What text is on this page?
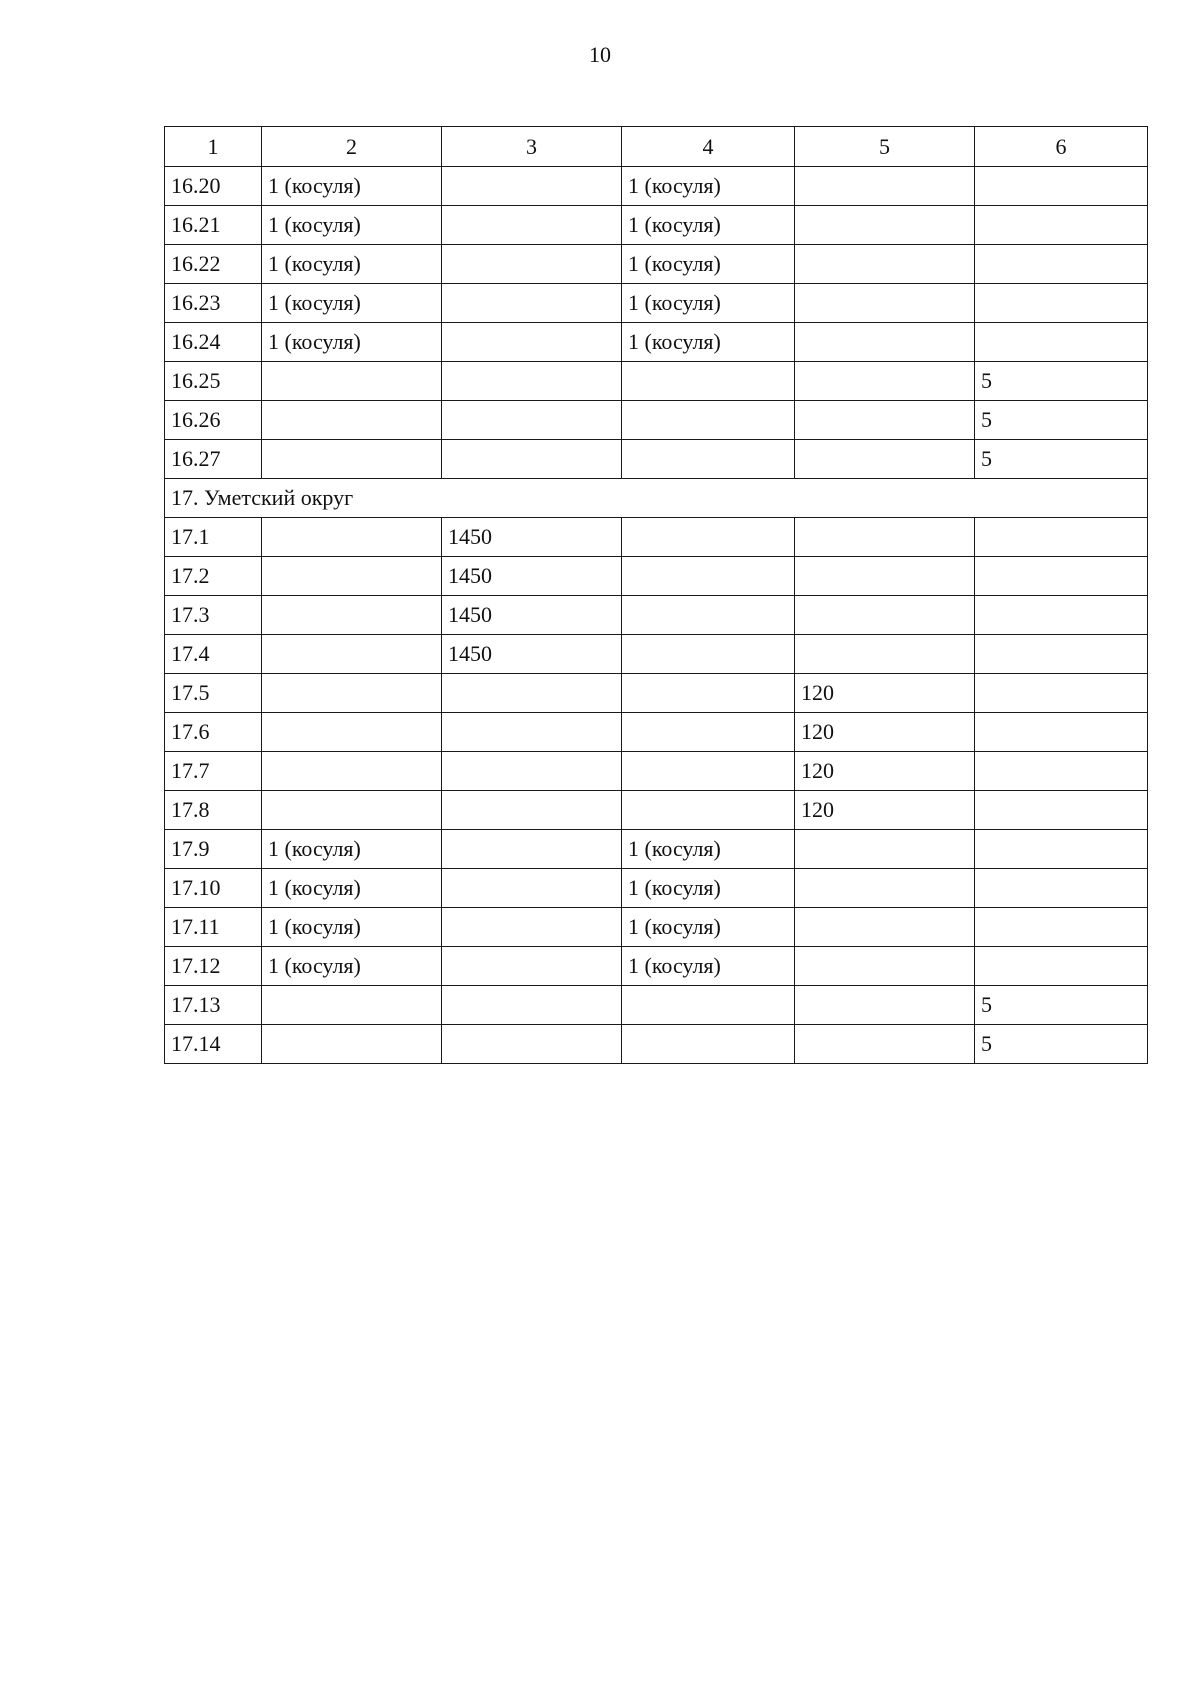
10
1	2	3	4	5	6
16.20	1 (косуля)		1 (косуля)		
16.21	1 (косуля)		1 (косуля)		
16.22	1 (косуля)		1 (косуля)		
16.23	1 (косуля)		1 (косуля)		
16.24	1 (косуля)		1 (косуля)		
16.25					5
16.26					5
16.27					5
17. Уметский округ					
17.1		1450			
17.2		1450			
17.3		1450			
17.4		1450			
17.5				120	
17.6				120	
17.7				120	
17.8				120	
17.9	1 (косуля)		1 (косуля)		
17.10	1 (косуля)		1 (косуля)		
17.11	1 (косуля)		1 (косуля)		
17.12	1 (косуля)		1 (косуля)		
17.13					5
17.14					5
